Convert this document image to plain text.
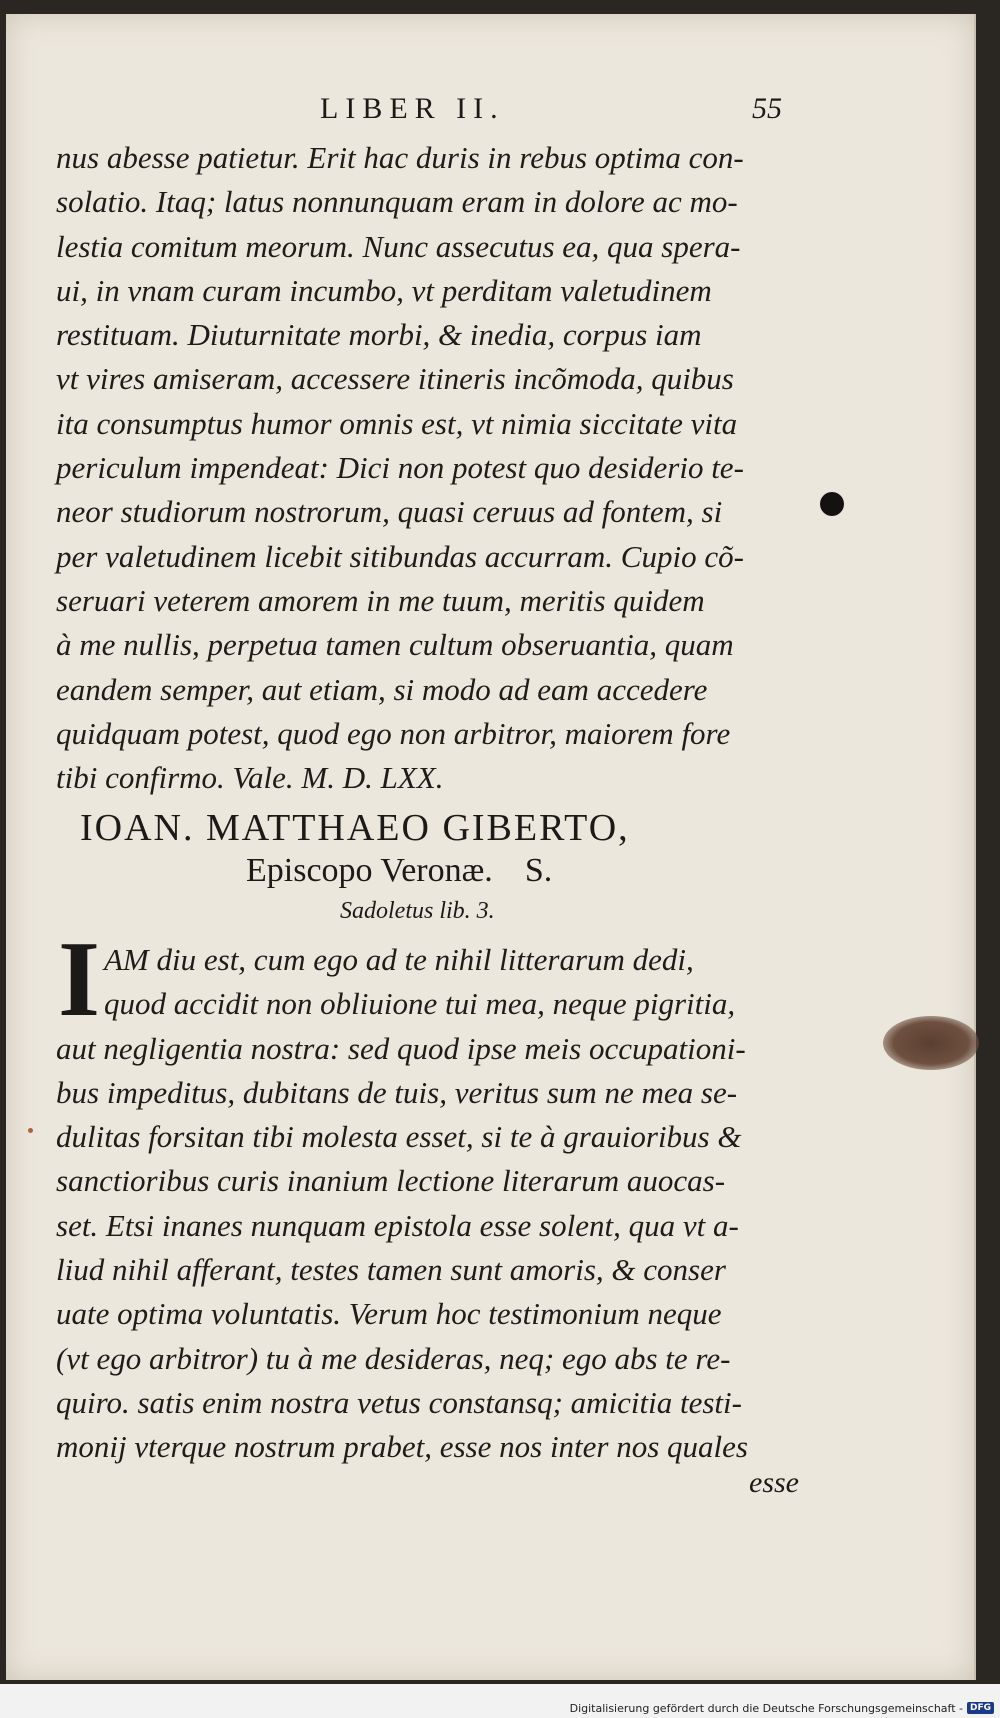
LIBER II.	55
nus abesse patietur. Erit hac duris in rebus optima con-
solatio. Itaq; latus nonnunquam eram in dolore ac mo-
lestia comitum meorum. Nunc assecutus ea, qua spera-
ui, in vnam curam incumbo, vt perditam valetudinem
restituam. Diuturnitate morbi, & inedia, corpus iam
vt vires amiseram, accessere itineris incõmoda, quibus
ita consumptus humor omnis est, vt nimia siccitate vita
periculum impendeat: Dici non potest quo desiderio te-
neor studiorum nostrorum, quasi ceruus ad fontem, si
per valetudinem licebit sitibundas accurram. Cupio cõ-
seruari veterem amorem in me tuum, meritis quidem
à me nullis, perpetua tamen cultum obseruantia, quam
eandem semper, aut etiam, si modo ad eam accedere
quidquam potest, quod ego non arbitror, maiorem fore
tibi confirmo. Vale. M. D. LXX.
IOAN. MATTHAEO GIBERTO,
Episcopo Veronæ. S.
Sadoletus lib. 3.
I AM diu est, cum ego ad te nihil litterarum dedi,
quod accidit non obliuione tui mea, neque pigritia,
aut negligentia nostra: sed quod ipse meis occupationi-
bus impeditus, dubitans de tuis, veritus sum ne mea se-
dulitas forsitan tibi molesta esset, si te à grauioribus &
sanctioribus curis inanium lectione literarum auocas-
set. Etsi inanes nunquam epistola esse solent, qua vt a-
liud nihil afferant, testes tamen sunt amoris, & conser
uate optima voluntatis. Verum hoc testimonium neque
(vt ego arbitror) tu à me desideras, neq; ego abs te re-
quiro. satis enim nostra vetus constansq; amicitia testi-
monij vterque nostrum prabet, esse nos inter nos quales
esse
Digitalisierung gefördert durch die Deutsche Forschungsgemeinschaft - DFG
